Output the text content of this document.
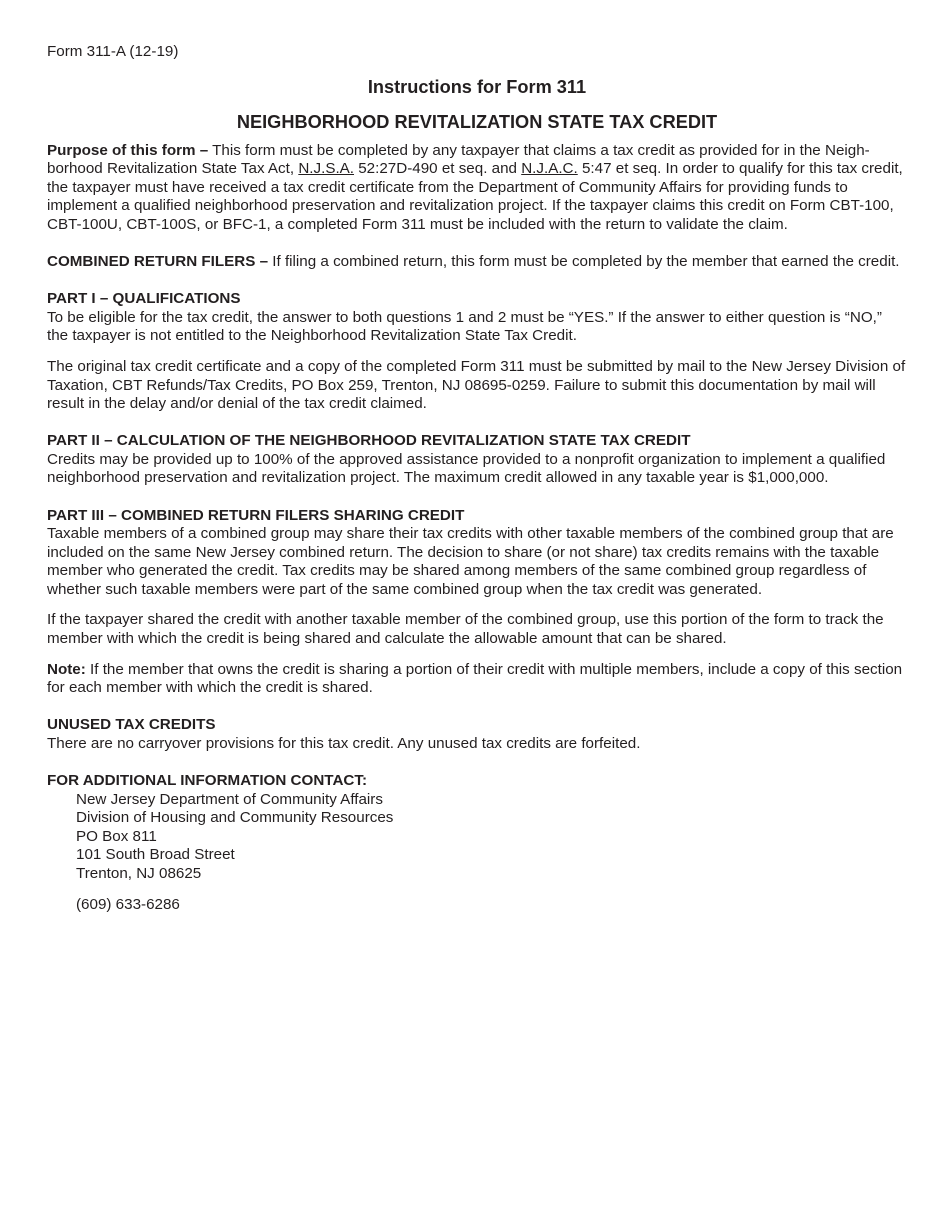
Form 311-A (12-19)

Instructions for Form 311
NEIGHBORHOOD REVITALIZATION STATE TAX CREDIT

Purpose of this form – This form must be completed by any taxpayer that claims a tax credit as provided for in the Neighborhood Revitalization State Tax Act, N.J.S.A. 52:27D-490 et seq. and N.J.A.C. 5:47 et seq. In order to qualify for this tax credit, the taxpayer must have received a tax credit certificate from the Department of Community Affairs for providing funds to implement a qualified neighborhood preservation and revitalization project. If the taxpayer claims this credit on Form CBT-100, CBT-100U, CBT-100S, or BFC-1, a completed Form 311 must be included with the return to validate the claim.

COMBINED RETURN FILERS – If filing a combined return, this form must be completed by the member that earned the credit.

PART I – QUALIFICATIONS

To be eligible for the tax credit, the answer to both questions 1 and 2 must be “YES.” If the answer to either question is “NO,” the taxpayer is not entitled to the Neighborhood Revitalization State Tax Credit.

The original tax credit certificate and a copy of the completed Form 311 must be submitted by mail to the New Jersey Division of Taxation, CBT Refunds/Tax Credits, PO Box 259, Trenton, NJ 08695-0259. Failure to submit this documentation by mail will result in the delay and/or denial of the tax credit claimed.

PART II – CALCULATION OF THE NEIGHBORHOOD REVITALIZATION STATE TAX CREDIT

Credits may be provided up to 100% of the approved assistance provided to a nonprofit organization to implement a qualified neighborhood preservation and revitalization project. The maximum credit allowed in any taxable year is $1,000,000.

PART III – COMBINED RETURN FILERS SHARING CREDIT

Taxable members of a combined group may share their tax credits with other taxable members of the combined group that are included on the same New Jersey combined return. The decision to share (or not share) tax credits remains with the taxable member who generated the credit. Tax credits may be shared among members of the same combined group regardless of whether such taxable members were part of the same combined group when the tax credit was generated.

If the taxpayer shared the credit with another taxable member of the combined group, use this portion of the form to track the member with which the credit is being shared and calculate the allowable amount that can be shared.

Note: If the member that owns the credit is sharing a portion of their credit with multiple members, include a copy of this section for each member with which the credit is shared.

UNUSED TAX CREDITS

There are no carryover provisions for this tax credit. Any unused tax credits are forfeited.

FOR ADDITIONAL INFORMATION CONTACT:

New Jersey Department of Community Affairs

Division of Housing and Community Resources

PO Box 811

101 South Broad Street

Trenton, NJ 08625

(609) 633-6286
